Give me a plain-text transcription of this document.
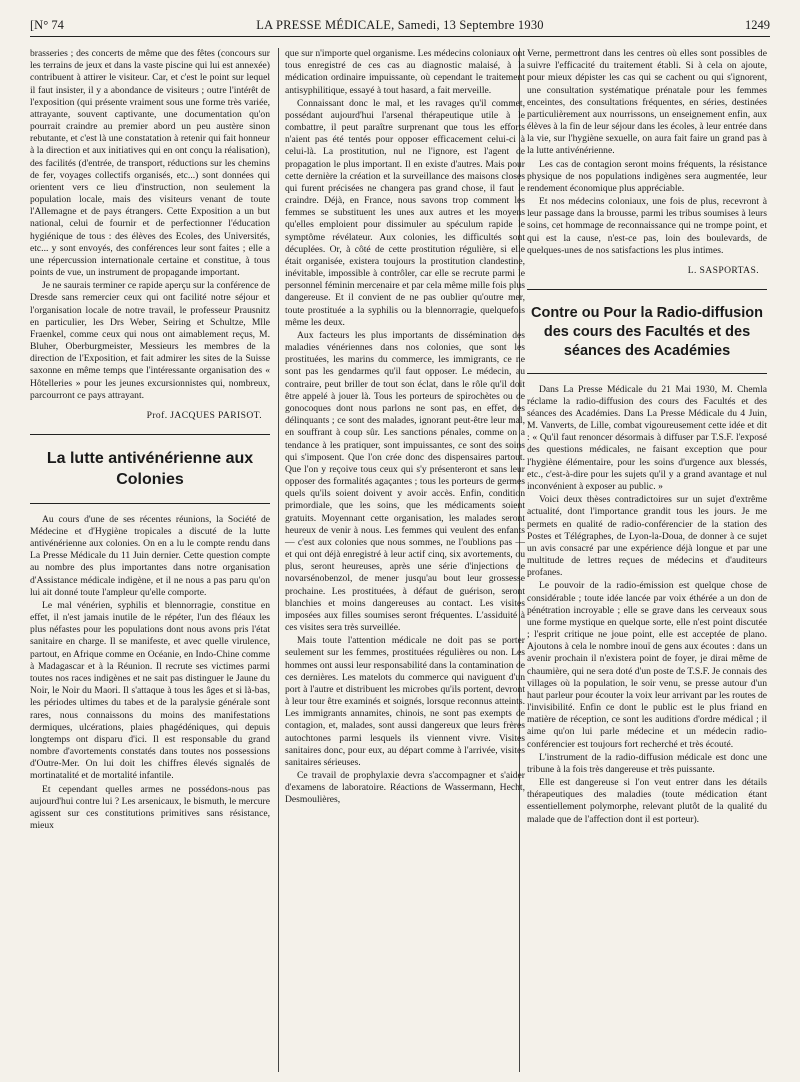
[N° 74	LA PRESSE MÉDICALE, Samedi, 13 Septembre 1930	1249

brasseries ; des concerts de même que des fêtes (concours sur les terrains de jeux et dans la vaste piscine qui lui est annexée) contribuent à attirer le visiteur. Car, et c'est le point sur lequel il faut insister, il y a abondance de visiteurs ; outre l'intérêt de l'exposition (qui présente vraiment sous une forme très variée, attrayante, souvent captivante, une documentation qu'on pourrait craindre au premier abord un peu austère sinon rebutante, et c'est là une constatation à retenir qui fait honneur à la direction et aux initiatives qui en ont conçu la réalisation), des facilités (d'entrée, de transport, réductions sur les chemins de fer, voyages collectifs organisés, etc...) sont données qui orientent vers ce lieu d'instruction, non seulement la population locale, mais des visiteurs venant de toute l'Allemagne et de pays étrangers. Cette Exposition a un but national, celui de fournir et de perfectionner l'éducation hygiénique de tous : des élèves des Ecoles, des Universités, etc... y sont envoyés, des conférences leur sont faites ; elle a une répercussion internationale certaine et constitue, à tous points de vue, un instrument de propagande important.

Je ne saurais terminer ce rapide aperçu sur la conférence de Dresde sans remercier ceux qui ont facilité notre séjour et l'organisation locale de notre travail, le professeur Prausnitz en particulier, les Drs Weber, Seiring et Schultze, Mlle Fraenkel, comme ceux qui nous ont aimablement reçus, M. Bluher, Oberburgmeister, Messieurs les membres de la direction de l'Exposition, et fait admirer les sites de la Suisse saxonne en même temps que l'intéressante organisation des « Hôtelleries » pour les jeunes excursionnistes qui, nombreux, parcourront ce pays attrayant.

Prof. JACQUES PARISOT.
La lutte antivénérienne aux Colonies

Au cours d'une de ses récentes réunions, la Société de Médecine et d'Hygiène tropicales a discuté de la lutte antivénérienne aux colonies. On en a lu le compte rendu dans La Presse Médicale du 11 Juin dernier. Cette question compte au nombre des plus importantes dans notre organisation d'Assistance médicale indigène, et il ne nous a pas paru qu'on lui ait donné toute l'ampleur qu'elle comporte.

Le mal vénérien, syphilis et blennorragie, constitue en effet, il n'est jamais inutile de le répéter, l'un des fléaux les plus néfastes pour les populations dont nous avons pris l'état sanitaire en charge. Il se manifeste, et avec quelle virulence, partout, en Afrique comme en Océanie, en Indo-Chine comme à Madagascar et à la Réunion. Il recrute ses victimes parmi toutes nos races indigènes et ne sait pas distinguer le Jaune du Noir, le Noir du Maori. Il s'attaque à tous les âges et si là-bas, les périodes ultimes du tabes et de la paralysie générale sont rares, nous connaissons du moins des manifestations dermiques, ulcérations, plaies phagédéniques, qui depuis longtemps ont disparu d'ici. Il est responsable du grand nombre d'avortements constatés dans toutes nos possessions d'Outre-Mer. On lui doit les chiffres élevés signalés de mortinatalité et de mortalité infantile.

Et cependant quelles armes ne possédons-nous pas aujourd'hui contre lui ? Les arsenicaux, le bismuth, le mercure agissent sur ces constitutions primitives sans résistance, mieux

que sur n'importe quel organisme. Les médecins coloniaux ont tous enregistré de ces cas au diagnostic malaisé, à la médication ordinaire impuissante, où cependant le traitement antisyphilitique, essayé à tout hasard, a fait merveille.

Connaissant donc le mal, et les ravages qu'il commet, possédant aujourd'hui l'arsenal thérapeutique utile à le combattre, il peut paraître surprenant que tous les efforts n'aient pas été tentés pour opposer efficacement celui-ci à celui-là. La prostitution, nul ne l'ignore, est l'agent de propagation le plus important. Il en existe d'autres. Mais pour cette dernière la création et la surveillance des maisons closes qui furent précisées ne changera pas grand chose, il faut le craindre. Déjà, en France, nous savons trop comment les femmes se substituent les unes aux autres et les moyens qu'elles emploient pour dissimuler au spéculum rapide le symptôme révélateur. Aux colonies, les difficultés sont décuplées. Or, à côté de cette prostitution régulière, si elle était organisée, existera toujours la prostitution clandestine, inévitable, impossible à contrôler, car elle se recrute parmi le personnel féminin mercenaire et par cela même mille fois plus dangereuse. Et il convient de ne pas oublier qu'outre mer, toute prostituée a la syphilis ou la blennorragie, quelquefois même les deux.

Aux facteurs les plus importants de dissémination des maladies vénériennes dans nos colonies, que sont les prostituées, les marins du commerce, les immigrants, ce ne sont pas les gendarmes qu'il faut opposer. Le médecin, au contraire, peut briller de tout son éclat, dans le rôle qu'il doit être appelé à jouer là. Tous les porteurs de spirochètes ou de gonocoques dont nous parlons ne sont pas, en effet, des délinquants ; ce sont des malades, ignorant peut-être leur mal, en souffrant à coup sûr. Les sanctions pénales, comme on a tendance à les pratiquer, sont impuissantes, ce sont des soins qui s'imposent. Que l'on crée donc des dispensaires partout. Que l'on y reçoive tous ceux qui s'y présenteront et sans leur opposer des formalités agaçantes ; tous les porteurs de germes quels qu'ils soient doivent y avoir accès. Enfin, condition primordiale, que les soins, que les médicaments soient gratuits. Moyennant cette organisation, les malades seront heureux de venir à nous. Les femmes qui veulent des enfants — c'est aux colonies que nous sommes, ne l'oublions pas — et qui ont déjà enregistré à leur actif cinq, six avortements, ou plus, seront heureuses, après une série d'injections de novarsénobenzol, de mener jusqu'au bout leur grossesse prochaine. Les prostituées, à défaut de guérison, seront blanchies et moins dangereuses au contact. Les visites imposées aux filles soumises seront fréquentes. L'assiduité à ces visites sera très surveillée.

Mais toute l'attention médicale ne doit pas se porter seulement sur les femmes, prostituées régulières ou non. Les hommes ont aussi leur responsabilité dans la contamination de ces dernières. Les matelots du commerce qui naviguent d'un port à l'autre et distribuent les microbes qu'ils portent, devront à leur tour être examinés et soignés, lorsque reconnus atteints. Les immigrants annamites, chinois, ne sont pas exempts de contagion, et, malades, sont aussi dangereux que leurs frères autochtones parmi lesquels ils viennent vivre. Visites sanitaires donc, pour eux, au départ comme à l'arrivée, visites sanitaires sérieuses.

Ce travail de prophylaxie devra s'accompagner et s'aider d'examens de laboratoire. Réactions de Wassermann, Hecht, Desmoulières,

Verne, permettront dans les centres où elles sont possibles de suivre l'efficacité du traitement établi. Si à cela on ajoute, pour mieux dépister les cas qui se cachent ou qui s'ignorent, une consultation systématique prénatale pour les femmes enceintes, des consultations fréquentes, en séries, destinées particulièrement aux nourrissons, un enseignement enfin, aux élèves à la fin de leur séjour dans les écoles, à leur entrée dans la vie, sur l'hygiène sexuelle, on aura fait faire un grand pas à la lutte antivénérienne.

Les cas de contagion seront moins fréquents, la résistance physique de nos populations indigènes sera augmentée, leur rendement économique plus appréciable.

Et nos médecins coloniaux, une fois de plus, recevront à leur passage dans la brousse, parmi les tribus soumises à leurs soins, cet hommage de reconnaissance qui ne trompe point, et qui est la cause, n'est-ce pas, loin des boulevards, de quelques-unes de nos satisfactions les plus intimes.

L. SASPORTAS.
Contre ou Pour la Radio-diffusion des cours des Facultés et des séances des Académies

Dans La Presse Médicale du 21 Mai 1930, M. Chemla réclame la radio-diffusion des cours des Facultés et des séances des Académies. Dans La Presse Médicale du 4 Juin, M. Vanverts, de Lille, combat vigoureusement cette idée et dit : « Qu'il faut renoncer désormais à diffuser par T.S.F. l'exposé des questions médicales, ne faisant exception que pour l'hygiène élémentaire, pour les soins d'urgence aux blessés, etc., c'est-à-dire pour les sujets qu'il y a grand avantage et nul inconvénient à exposer au public. »

Voici deux thèses contradictoires sur un sujet d'extrême actualité, dont l'importance grandit tous les jours. Je me permets en qualité de radio-conférencier de la station des Postes et Télégraphes, de Lyon-la-Doua, de donner à ce sujet un avis consacré par une expérience déjà longue et par une multitude de lettres reçues de médecins et d'auditeurs profanes.

Le pouvoir de la radio-émission est quelque chose de considérable ; toute idée lancée par voix éthérée a un don de pénétration incroyable ; elle se grave dans les cerveaux sous une forme mystique en quelque sorte, elle n'est point discutée ; l'esprit critique ne joue point, elle est acceptée de plano. Ajoutons à cela le nombre inouï de gens aux écoutes : dans un avenir prochain il n'existera point de foyer, je dirai même de chaumière, qui ne sera doté d'un poste de T.S.F. Je connais des villages où la population, le soir venu, se presse autour d'un haut parleur pour écouter la voix leur arrivant par les routes de l'invisibilité. Enfin ce dont le public est le plus friand en matière de réception, ce sont les auditions d'ordre médical ; il aime qu'on lui parle médecine et un médecin radio-conférencier est toujours fort recherché et très écouté.

L'instrument de la radio-diffusion médicale est donc une tribune à la fois très dangereuse et très puissante.

Elle est dangereuse si l'on veut entrer dans les détails thérapeutiques des maladies (toute médication étant essentiellement polymorphe, relevant plutôt de la qualité du malade que de l'affection dont il est porteur).
